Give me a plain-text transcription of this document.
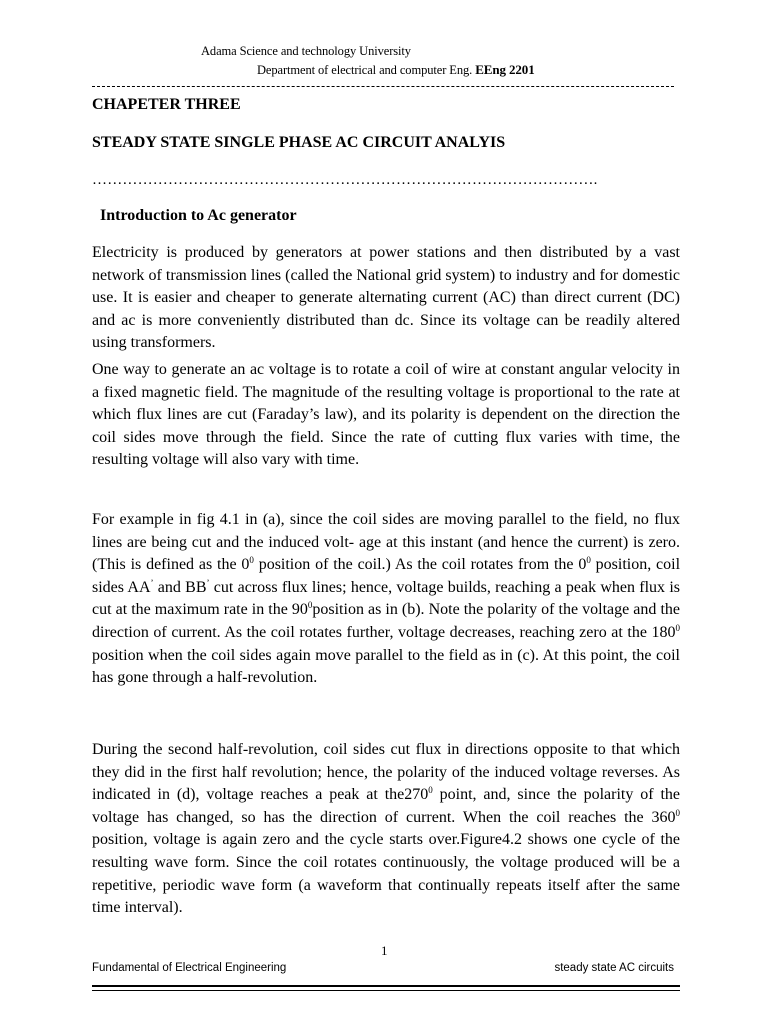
Adama Science and technology University
Department of electrical and computer Eng. EEng 2201
CHAPETER THREE
STEADY STATE SINGLE PHASE AC CIRCUIT ANALYIS
……………………………………………………………………………………….
Introduction to Ac generator

Electricity is produced by generators at power stations and then distributed by a vast network of transmission lines (called the National grid system) to industry and for domestic use. It is easier and cheaper to generate alternating current (AC) than direct current (DC) and ac is more conveniently distributed than dc. Since its voltage can be readily altered using transformers.

One way to generate an ac voltage is to rotate a coil of wire at constant angular velocity in a fixed magnetic field. The magnitude of the resulting voltage is proportional to the rate at which flux lines are cut (Faraday’s law), and its polarity is dependent on the direction the coil sides move through the field. Since the rate of cutting flux varies with time, the resulting voltage will also vary with time.

For example in fig 4.1 in (a), since the coil sides are moving parallel to the field, no flux lines are being cut and the induced volt- age at this instant (and hence the current) is zero. (This is defined as the $0^0$ position of the coil.) As the coil rotates from the $0^0$ position, coil sides AA’ and BB’ cut across flux lines; hence, voltage builds, reaching a peak when flux is cut at the maximum rate in the $90^0position$ as in (b). Note the polarity of the voltage and the direction of current. As the coil rotates further, voltage decreases, reaching zero at the $180^0$ position when the coil sides again move parallel to the field as in (c). At this point, the coil has gone through a half-revolution.

During the second half-revolution, coil sides cut flux in directions opposite to that which they did in the first half revolution; hence, the polarity of the induced voltage reverses. As indicated in (d), voltage reaches a peak at $the270^0$ point, and, since the polarity of the voltage has changed, so has the direction of current. When the coil reaches the $360^0$ position, voltage is again zero and the cycle starts over.Figure4.2 shows one cycle of the resulting wave form. Since the coil rotates continuously, the voltage produced will be a repetitive, periodic wave form (a waveform that continually repeats itself after the same time interval).

1
Fundamental of Electrical Engineering	steady state AC circuits
